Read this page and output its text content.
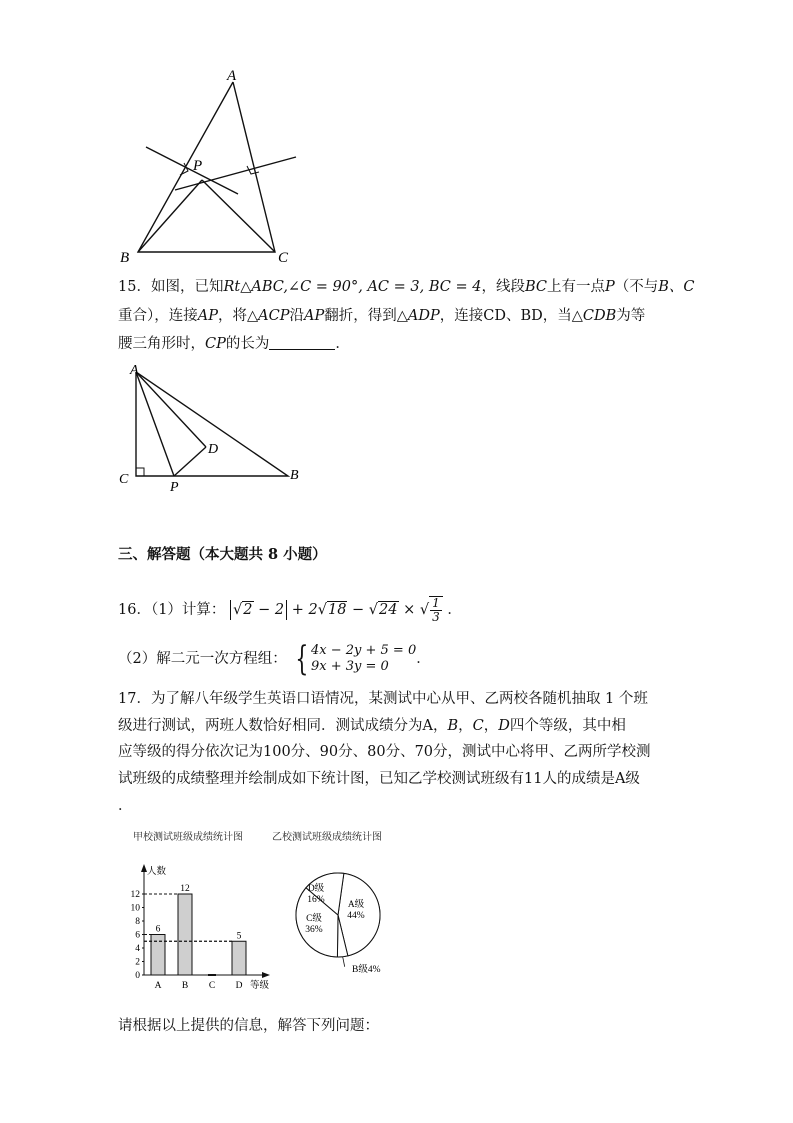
A
B	C
P
15．如图，已知Rt△ABC,∠C = 90°, AC = 3, BC = 4，线段BC上有一点P（不与B、C
重合），连接AP，将△ACP沿AP翻折，得到△ADP，连接CD、BD，当△CDB为等
腰三角形时，CP的长为	．
A
C	B
D
P
三、解答题（本大题共 8 小题）
16．（1）计算： √2 − 2 + 2√18 − √24 × √ $\frac{1}{3}$ ．
（2）解二元一次方程组： { 4x − 2y + 5 = 0
9x + 3y = 0	．
17．为了解八年级学生英语口语情况，某测试中心从甲、乙两校各随机抽取 1 个班
级进行测试，两班人数恰好相同．测试成绩分为A，B，C，D四个等级，其中相
应等级的得分依次记为100分、90分、80分、70分，测试中心将甲、乙两所学校测
试班级的成绩整理并绘制成如下统计图，已知乙学校测试班级有11人的成绩是A级
．
甲校测试班级成绩统计图	乙校测试班级成绩统计图
人数
等级
0
2
4
6
8
10
12
6
A
12
B C
5
D
A级
44%
C级
36%
D级
16%
B级4%
请根据以上提供的信息，解答下列问题：
